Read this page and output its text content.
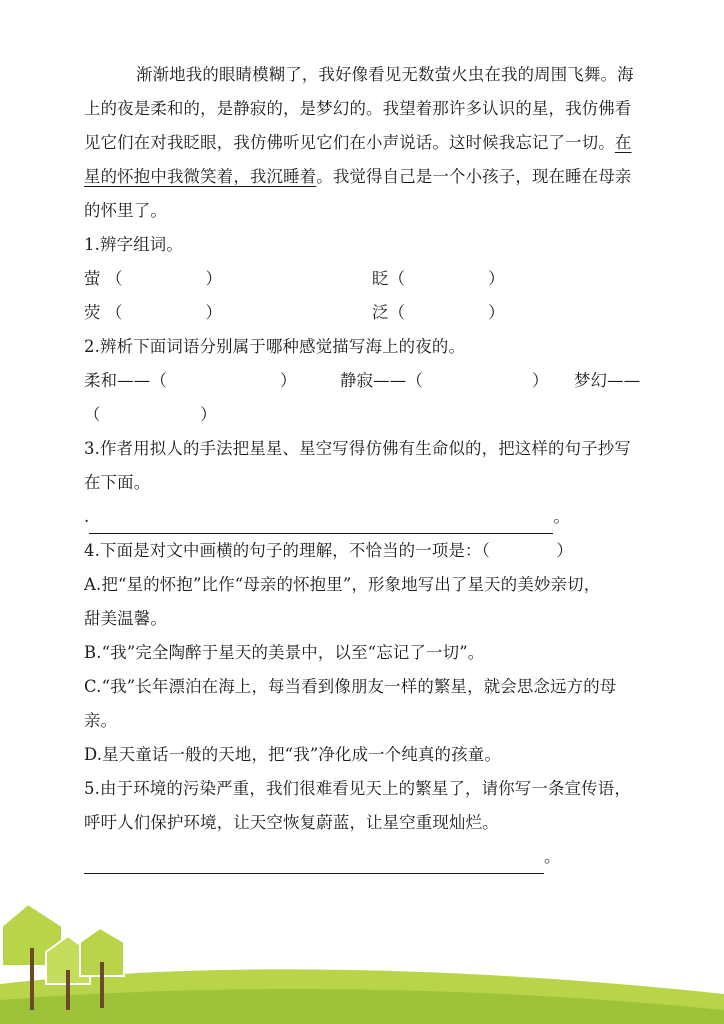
渐渐地我的眼睛模糊了，我好像看见无数萤火虫在我的周围飞舞。海
上的夜是柔和的，是静寂的，是梦幻的。我望着那许多认识的星，我仿佛看
见它们在对我眨眼，我仿佛听见它们在小声说话。这时候我忘记了一切。在
星的怀抱中我微笑着，我沉睡着。我觉得自己是一个小孩子，现在睡在母亲
的怀里了。
1.辨字组词。
萤 （　　　　　）	眨（　　　　　）
荧 （　　　　　）	泛（　　　　　）
2.辨析下面词语分别属于哪种感觉描写海上的夜的。
柔和——（	）	静寂——（	） 梦幻——
（　　　　　　）
3.作者用拟人的手法把星星、星空写得仿佛有生命似的，把这样的句子抄写
在下面。
.	。
4.下面是对文中画横的句子的理解，不恰当的一项是：（　　　　）
A.把“星的怀抱”比作“母亲的怀抱里”，形象地写出了星天的美妙亲切，
甜美温馨。
B.“我”完全陶醉于星天的美景中，以至“忘记了一切”。
C.“我”长年漂泊在海上，每当看到像朋友一样的繁星，就会思念远方的母
亲。
D.星天童话一般的天地，把“我”净化成一个纯真的孩童。
5.由于环境的污染严重，我们很难看见天上的繁星了，请你写一条宣传语，
呼吁人们保护环境，让天空恢复蔚蓝，让星空重现灿烂。
。
